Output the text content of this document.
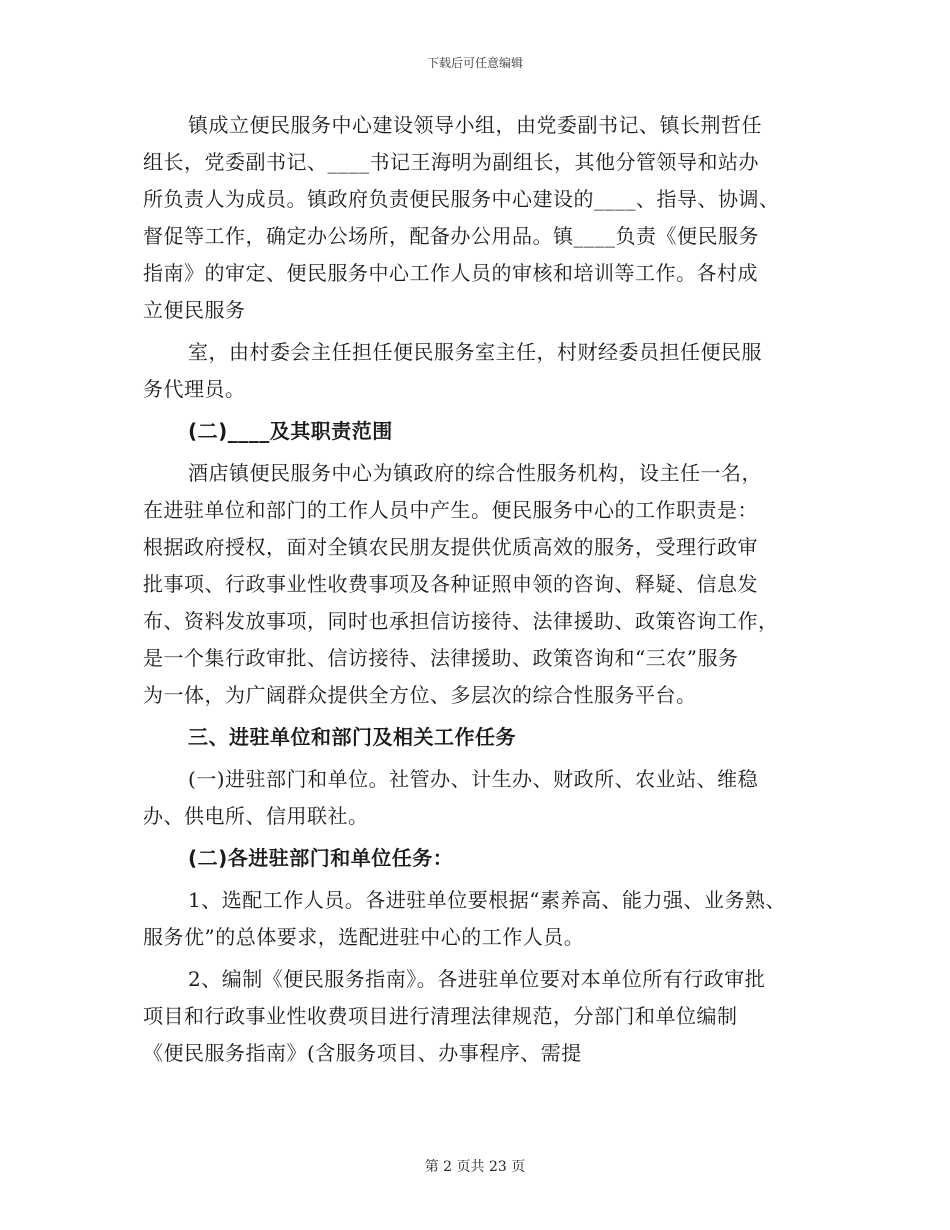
下载后可任意编辑
镇成立便民服务中心建设领导小组，由党委副书记、镇长荆哲任
组长，党委副书记、____书记王海明为副组长，其他分管领导和站办
所负责人为成员。镇政府负责便民服务中心建设的____、指导、协调、
督促等工作，确定办公场所，配备办公用品。镇____负责《便民服务
指南》的审定、便民服务中心工作人员的审核和培训等工作。各村成
立便民服务
室，由村委会主任担任便民服务室主任，村财经委员担任便民服
务代理员。
(二)____及其职责范围
酒店镇便民服务中心为镇政府的综合性服务机构，设主任一名，
在进驻单位和部门的工作人员中产生。便民服务中心的工作职责是：
根据政府授权，面对全镇农民朋友提供优质高效的服务，受理行政审
批事项、行政事业性收费事项及各种证照申领的咨询、释疑、信息发
布、资料发放事项，同时也承担信访接待、法律援助、政策咨询工作，
是一个集行政审批、信访接待、法律援助、政策咨询和“三农”服务
为一体，为广阔群众提供全方位、多层次的综合性服务平台。
三、进驻单位和部门及相关工作任务
(一)进驻部门和单位。社管办、计生办、财政所、农业站、维稳
办、供电所、信用联社。
(二)各进驻部门和单位任务：
1、选配工作人员。各进驻单位要根据“素养高、能力强、业务熟、
服务优”的总体要求，选配进驻中心的工作人员。
2、编制《便民服务指南》。各进驻单位要对本单位所有行政审批
项目和行政事业性收费项目进行清理法律规范，分部门和单位编制
《便民服务指南》(含服务项目、办事程序、需提
第 2 页共 23 页
